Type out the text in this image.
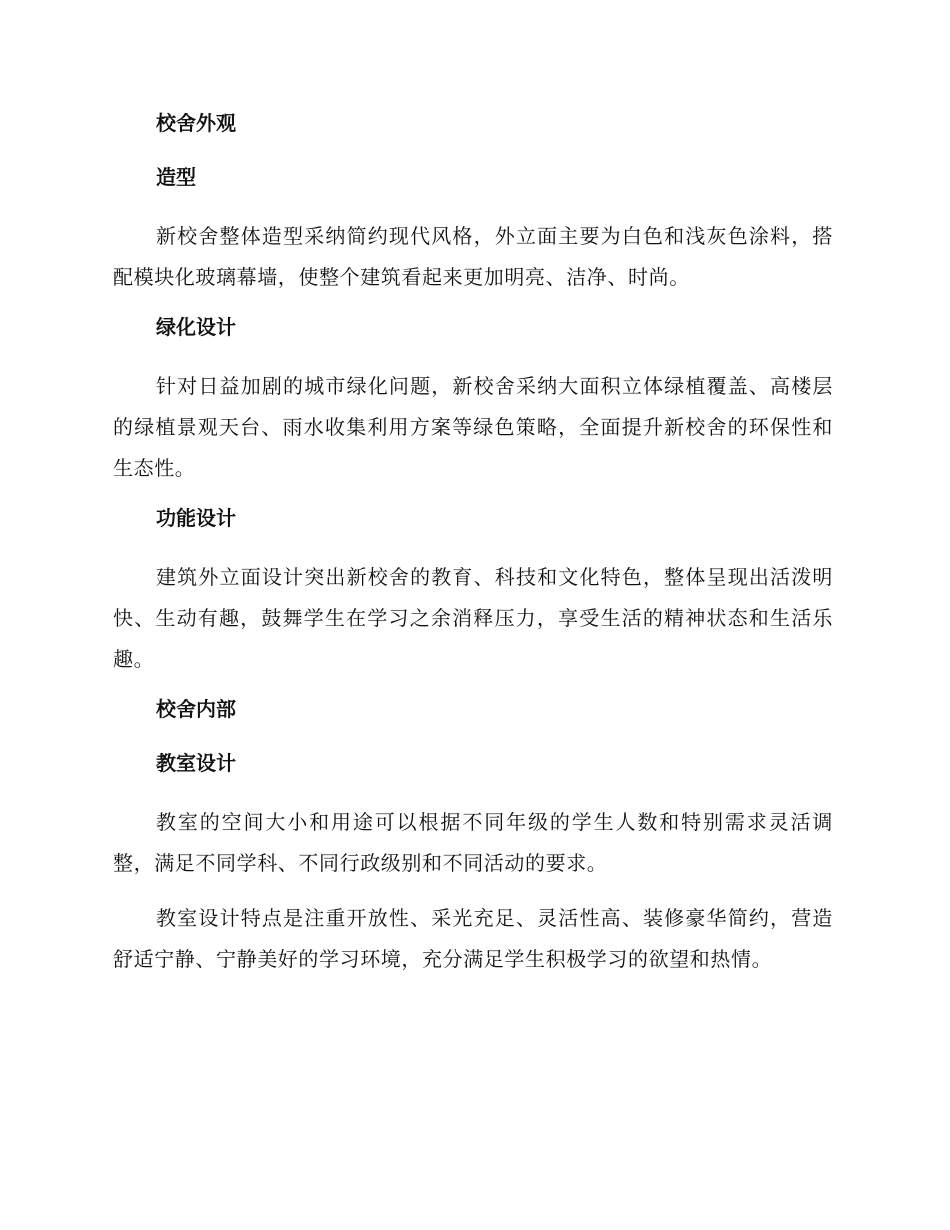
校舍外观
造型
新校舍整体造型采纳简约现代风格，外立面主要为白色和浅灰色涂料，搭配模块化玻璃幕墙，使整个建筑看起来更加明亮、洁净、时尚。
绿化设计
针对日益加剧的城市绿化问题，新校舍采纳大面积立体绿植覆盖、高楼层的绿植景观天台、雨水收集利用方案等绿色策略，全面提升新校舍的环保性和生态性。
功能设计
建筑外立面设计突出新校舍的教育、科技和文化特色，整体呈现出活泼明快、生动有趣，鼓舞学生在学习之余消释压力，享受生活的精神状态和生活乐趣。
校舍内部
教室设计
教室的空间大小和用途可以根据不同年级的学生人数和特别需求灵活调整，满足不同学科、不同行政级别和不同活动的要求。
教室设计特点是注重开放性、采光充足、灵活性高、装修豪华简约，营造舒适宁静、宁静美好的学习环境，充分满足学生积极学习的欲望和热情。
